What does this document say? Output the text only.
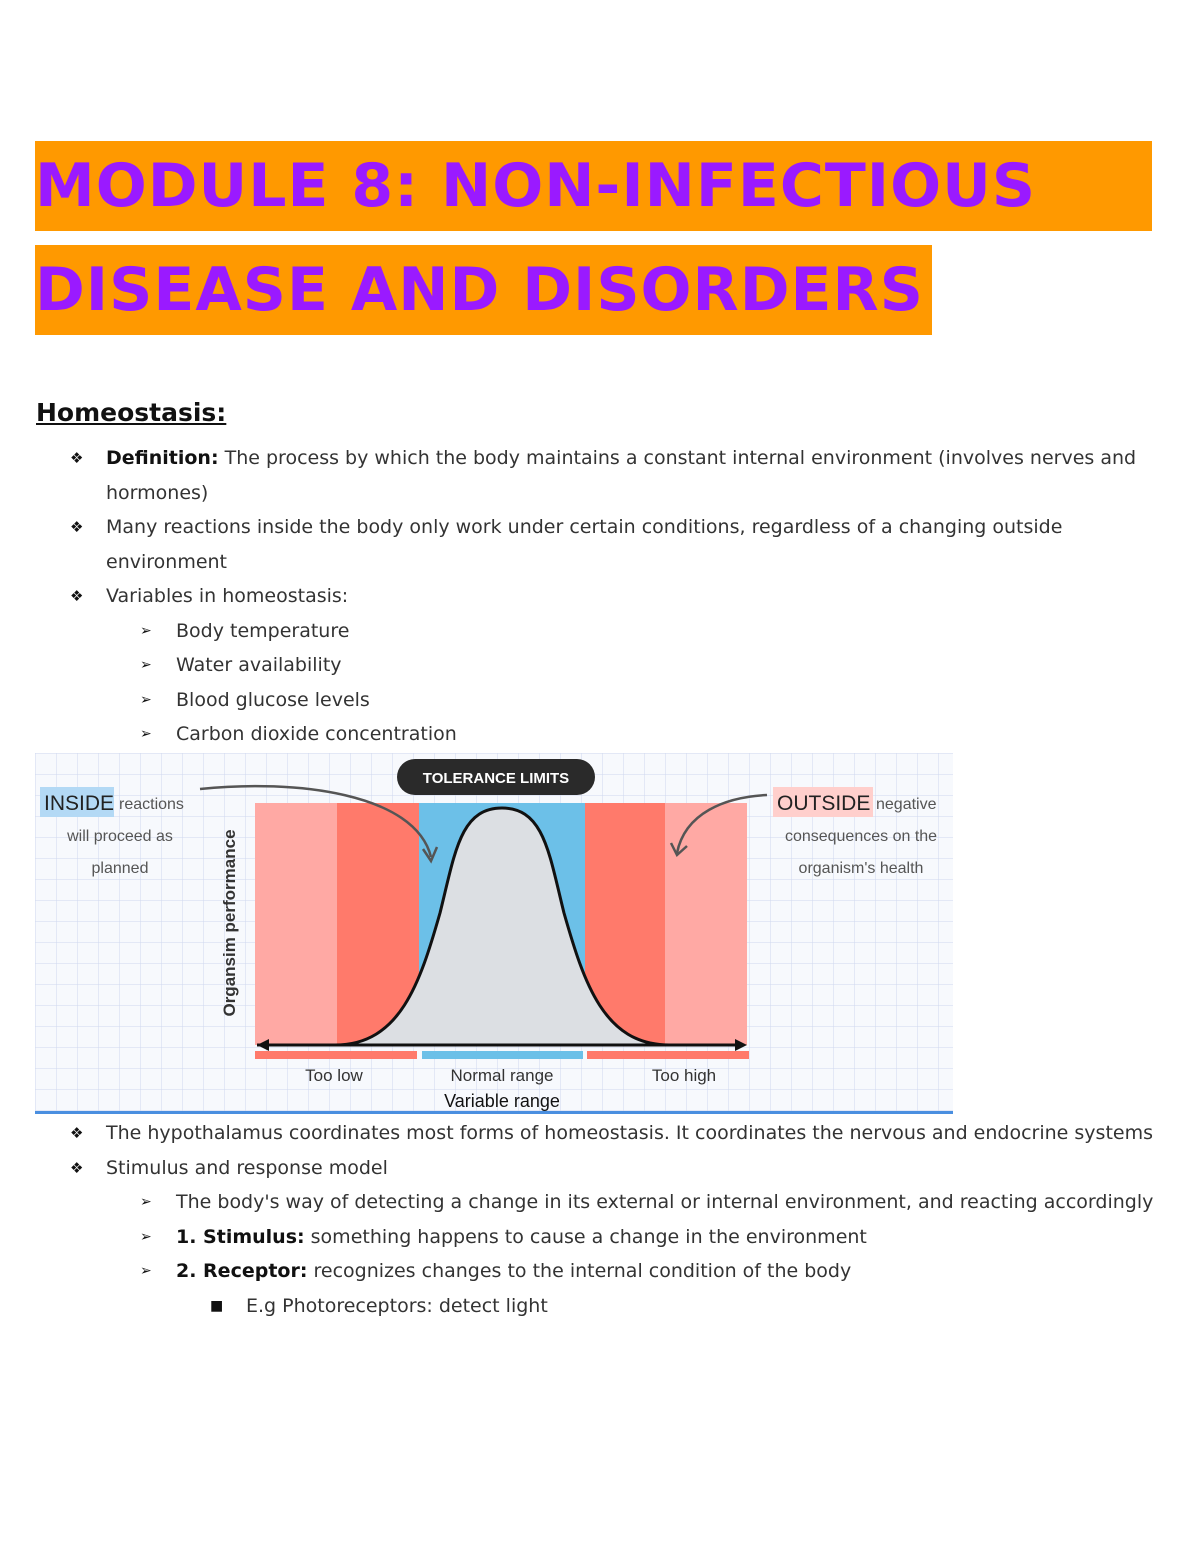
MODULE 8: NON-INFECTIOUS
DISEASE AND DISORDERS
Homeostasis:
❖	Definition: The process by which the body maintains a constant internal environment (involves nerves and hormones)
❖	Many reactions inside the body only work under certain conditions, regardless of a changing outside environment
❖	Variables in homeostasis:
➢	Body temperature
➢	Water availability
➢	Blood glucose levels
➢	Carbon dioxide concentration
Too low	Normal range	Too high
Variable range
Organsim performance
TOLERANCE LIMITS
INSIDE reactions
will proceed as
planned
OUTSIDE negative
consequences on the
organism's health
❖	The hypothalamus coordinates most forms of homeostasis. It coordinates the nervous and endocrine systems
❖	Stimulus and response model
➢	The body's way of detecting a change in its external or internal environment, and reacting accordingly
➢	1. Stimulus: something happens to cause a change in the environment
➢	2. Receptor: recognizes changes to the internal condition of the body
■	E.g Photoreceptors: detect light
